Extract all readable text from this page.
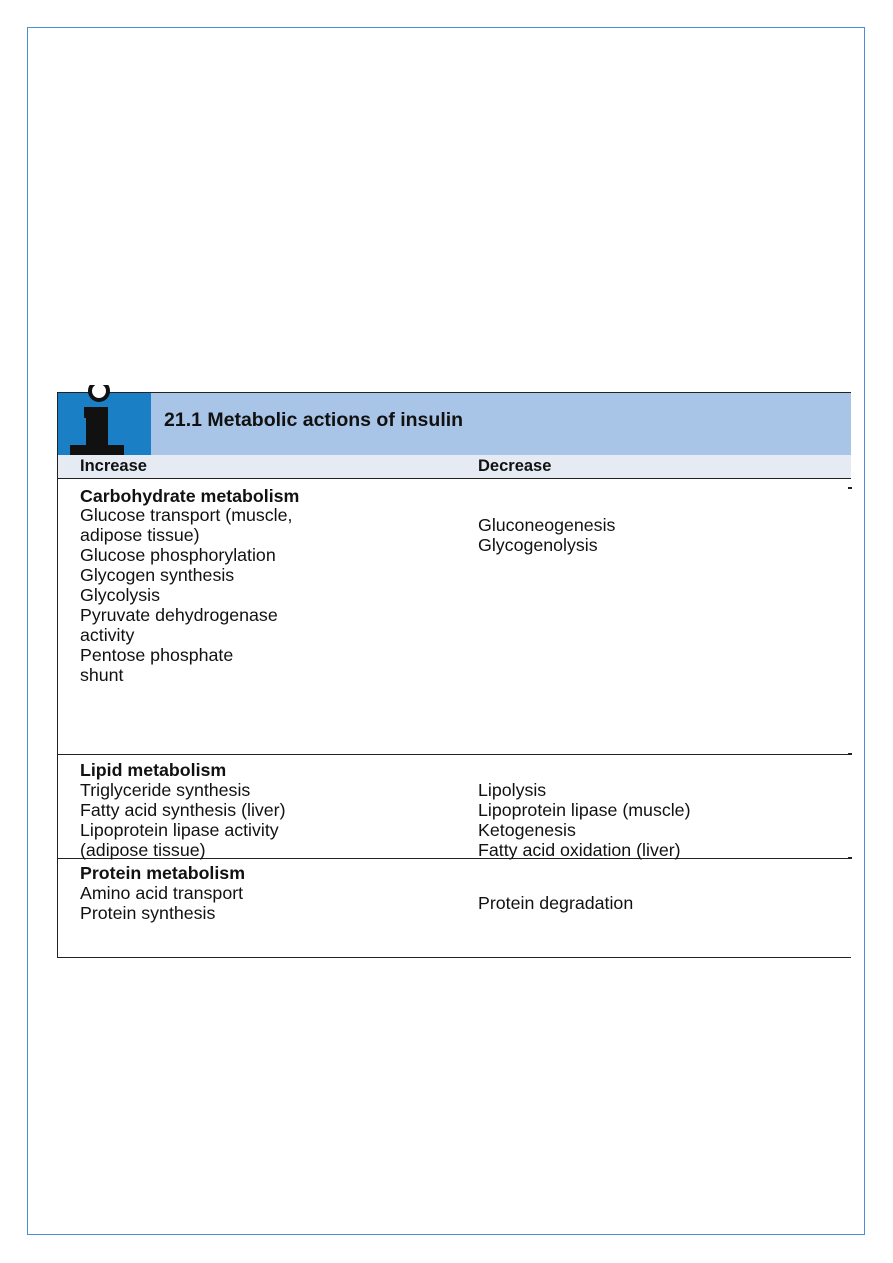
21.1 Metabolic actions of insulin
Increase	Decrease
Carbohydrate metabolism
Glucose transport (muscle,
adipose tissue)
Glucose phosphorylation
Glycogen synthesis
Glycolysis
Pyruvate dehydrogenase
activity
Pentose phosphate
shunt
Gluconeogenesis
Glycogenolysis
Lipid metabolism
Triglyceride synthesis
Fatty acid synthesis (liver)
Lipoprotein lipase activity
(adipose tissue)
Lipolysis
Lipoprotein lipase (muscle)
Ketogenesis
Fatty acid oxidation (liver)
Protein metabolism
Amino acid transport
Protein synthesis	Protein degradation
